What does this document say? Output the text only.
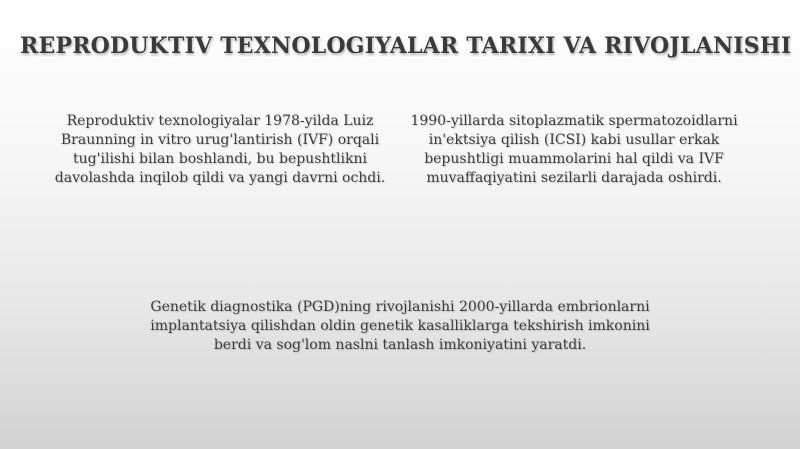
REPRODUKTIV TEXNOLOGIYALAR TARIXI VA RIVOJLANISHI
Reproduktiv texnologiyalar 1978-yilda Luiz Braunning in vitro urug'lantirish (IVF) orqali tug'ilishi bilan boshlandi, bu bepushtlikni davolashda inqilob qildi va yangi davrni ochdi.
1990-yillarda sitoplazmatik spermatozoidlarni in'ektsiya qilish (ICSI) kabi usullar erkak bepushtligi muammolarini hal qildi va IVF muvaffaqiyatini sezilarli darajada oshirdi.
Genetik diagnostika (PGD)ning rivojlanishi 2000-yillarda embrionlarni implantatsiya qilishdan oldin genetik kasalliklarga tekshirish imkonini berdi va sog'lom naslni tanlash imkoniyatini yaratdi.
